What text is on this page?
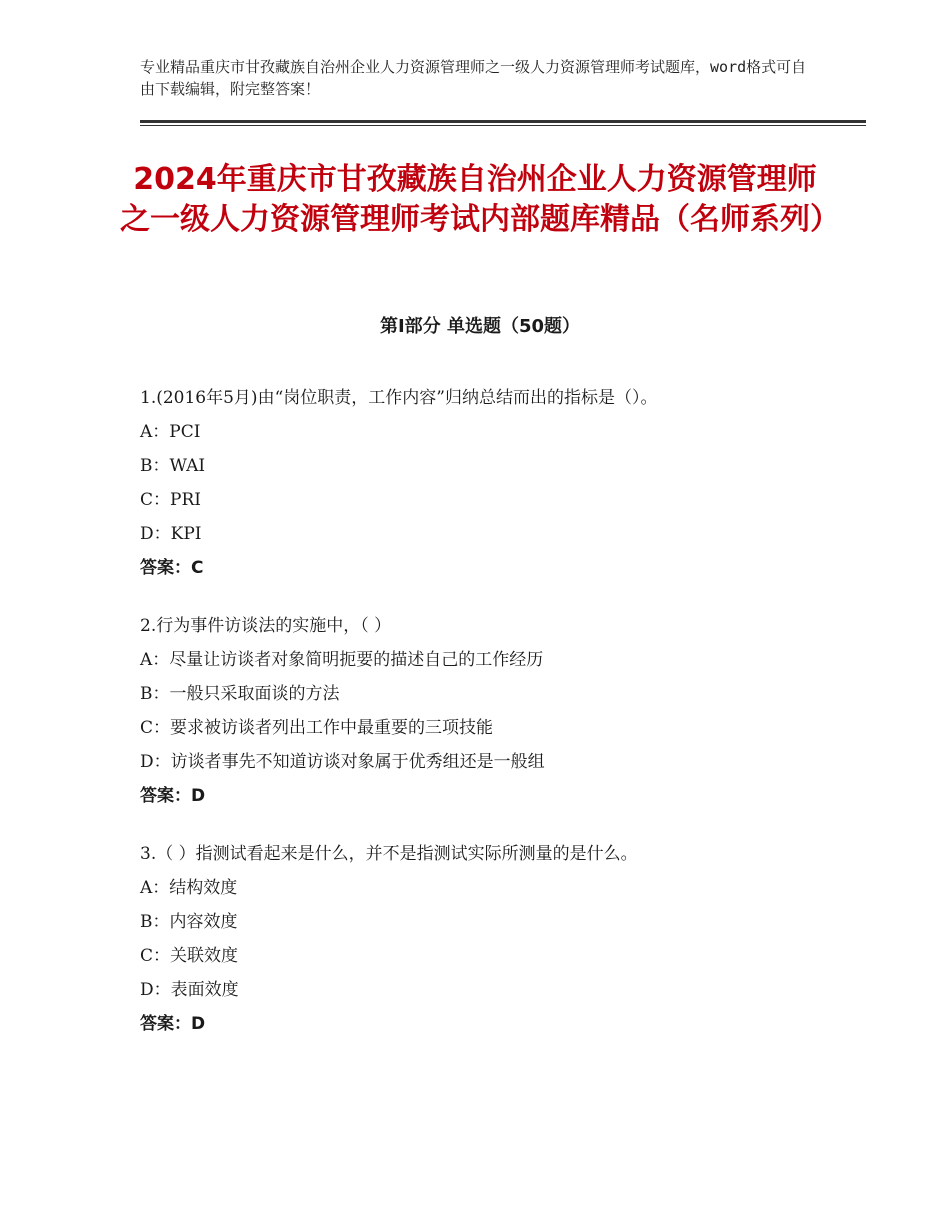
专业精品重庆市甘孜藏族自治州企业人力资源管理师之一级人力资源管理师考试题库，word格式可自由下载编辑，附完整答案！

2024年重庆市甘孜藏族自治州企业人力资源管理师之一级人力资源管理师考试内部题库精品（名师系列）
第Ⅰ部分 单选题（50题）

1.(2016年5月)由“岗位职责，工作内容”归纳总结而出的指标是（）。

A：PCI

B：WAI

C：PRI

D：KPI

答案：C

2.行为事件访谈法的实施中，（ ）

A：尽量让访谈者对象简明扼要的描述自己的工作经历

B：一般只采取面谈的方法

C：要求被访谈者列出工作中最重要的三项技能

D：访谈者事先不知道访谈对象属于优秀组还是一般组

答案：D

3.（ ）指测试看起来是什么，并不是指测试实际所测量的是什么。

A：结构效度

B：内容效度

C：关联效度

D：表面效度

答案：D
